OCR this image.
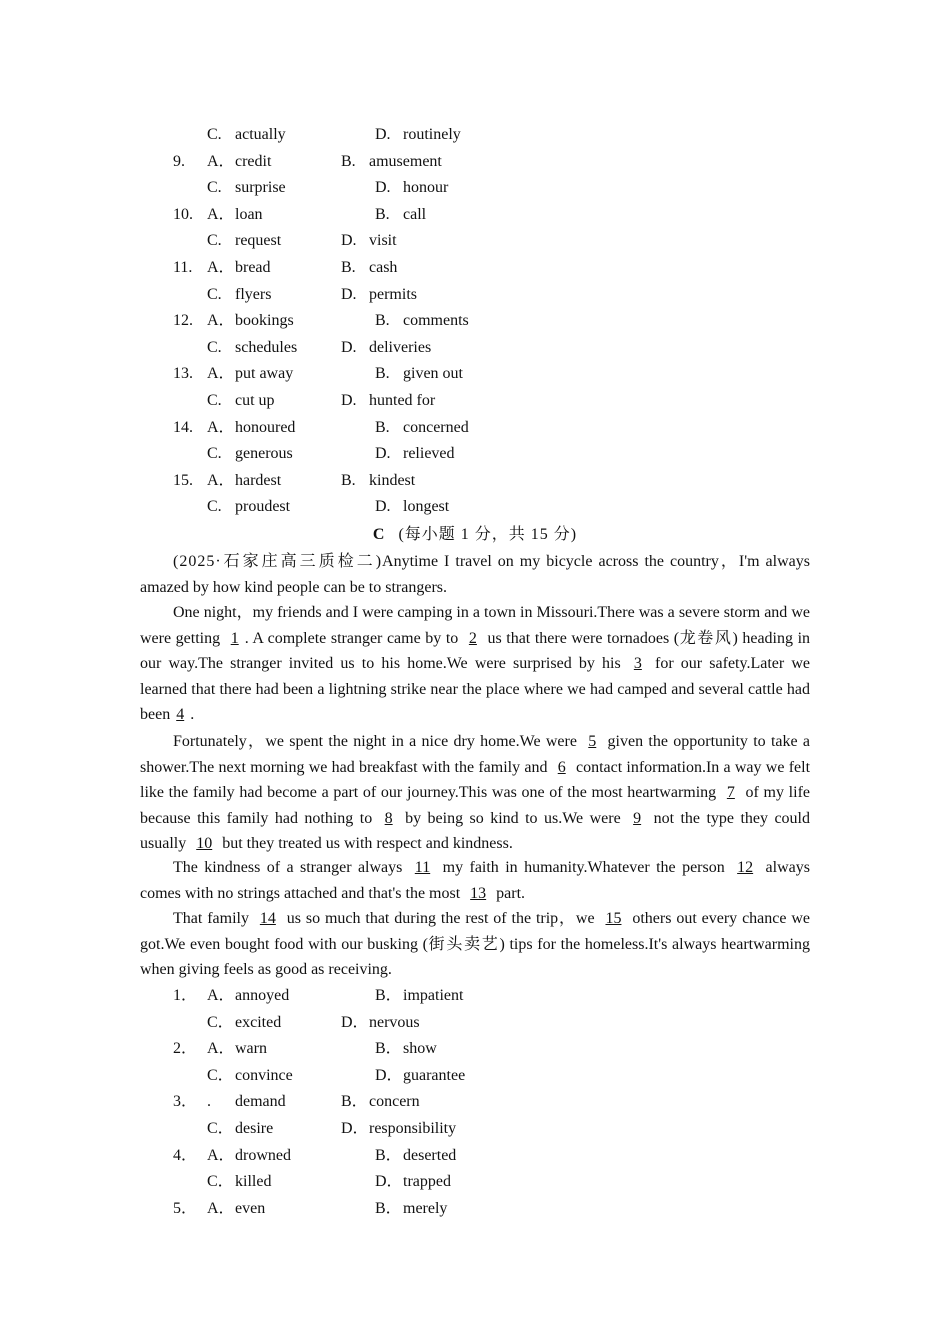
C. actually	D. routinely
9. A． credit	B. amusement
C. surprise	D. honour
10. A． loan	B. call
C. request	D. visit
11. A． bread	B. cash
C. flyers	D. permits
12. A． bookings	B. comments
C. schedules	D. deliveries
13. A． put away	B. given out
C. cut up	D. hunted for
14. A． honoured	B. concerned
C. generous	D. relieved
15. A． hardest	B. kindest
C. proudest	D. longest
C (每小题 1 分，共 15 分)

(2025·石家庄高三质检二)Anytime I travel on my bicycle across the country，I'm always amazed by how kind people can be to strangers.

One night，my friends and I were camping in a town in Missouri.There was a severe storm and we were getting 1 . A complete stranger came by to 2 us that there were tornadoes (龙卷风) heading in our way.The stranger invited us to his home.We were surprised by his 3 for our safety.Later we learned that there had been a lightning strike near the place where we had camped and several cattle had been 4 .

Fortunately，we spent the night in a nice dry home.We were 5 given the opportunity to take a shower.The next morning we had breakfast with the family and 6 contact information.In a way we felt like the family had become a part of our journey.This was one of the most heartwarming 7 of my life because this family had nothing to 8 by being so kind to us.We were 9 not the type they could usually 10 but they treated us with respect and kindness.

The kindness of a stranger always 11 my faith in humanity.Whatever the person 12 always comes with no strings attached and that's the most 13 part.

That family 14 us so much that during the rest of the trip，we 15 others out every chance we got.We even bought food with our busking (街头卖艺) tips for the homeless.It's always heartwarming when giving feels as good as receiving.

1． A． annoyed	B． impatient
C． excited	D． nervous
2． A． warn	B． show
C． convince	D． guarantee
3． . demand	B． concern
C． desire	D． responsibility
4． A． drowned	B． deserted
C． killed	D． trapped
5． A． even	B． merely
